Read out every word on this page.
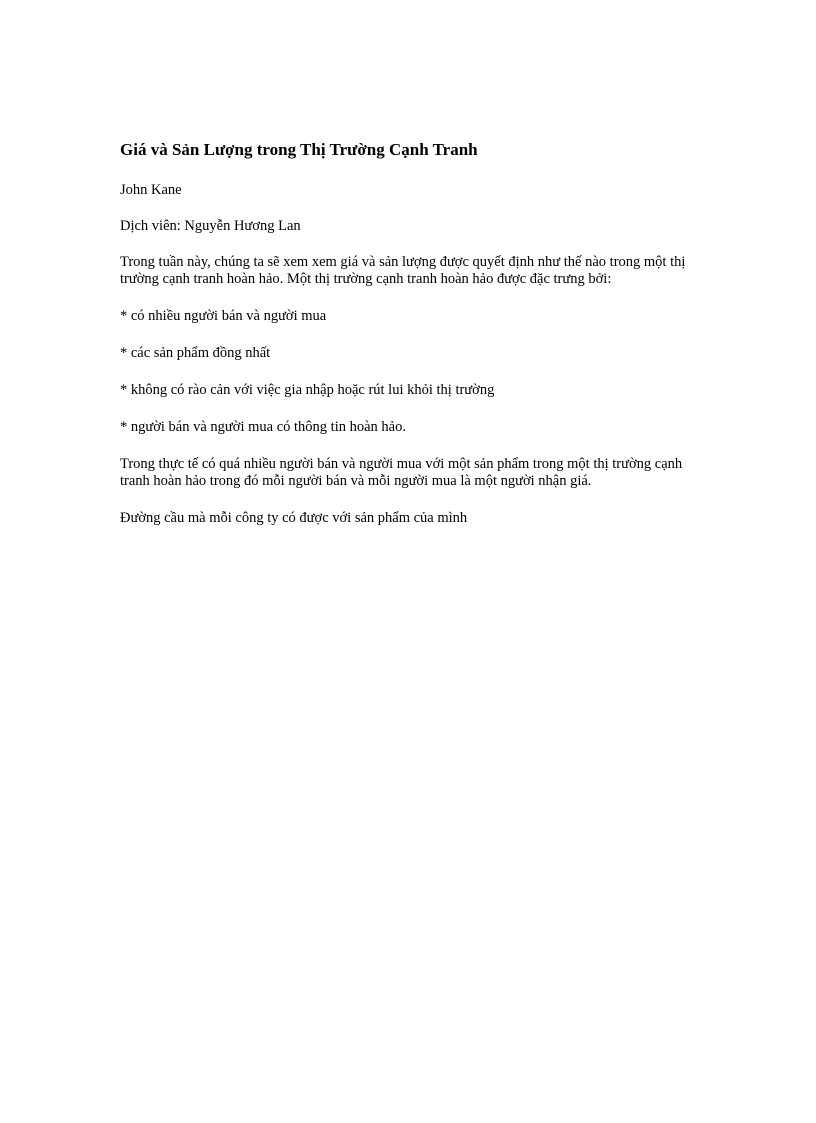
Giá và Sản Lượng trong Thị Trường Cạnh Tranh

John Kane

Dịch viên: Nguyễn Hương Lan

Trong tuần này, chúng ta sẽ xem xem giá và sản lượng được quyết định như thế nào trong một thị trường cạnh tranh hoàn hảo. Một thị trường cạnh tranh hoàn hảo được đặc trưng bởi:

* có nhiều người bán và người mua

* các sản phẩm đồng nhất

* không có rào cản với việc gia nhập hoặc rút lui khỏi thị trường

* người bán và người mua có thông tin hoàn hảo.

Trong thực tế có quá nhiều người bán và người mua với một sản phẩm trong một thị trường cạnh tranh hoàn hảo trong đó mỗi người bán và mỗi người mua là một người nhận giá.

Đường cầu mà mỗi công ty có được với sản phẩm của mình
